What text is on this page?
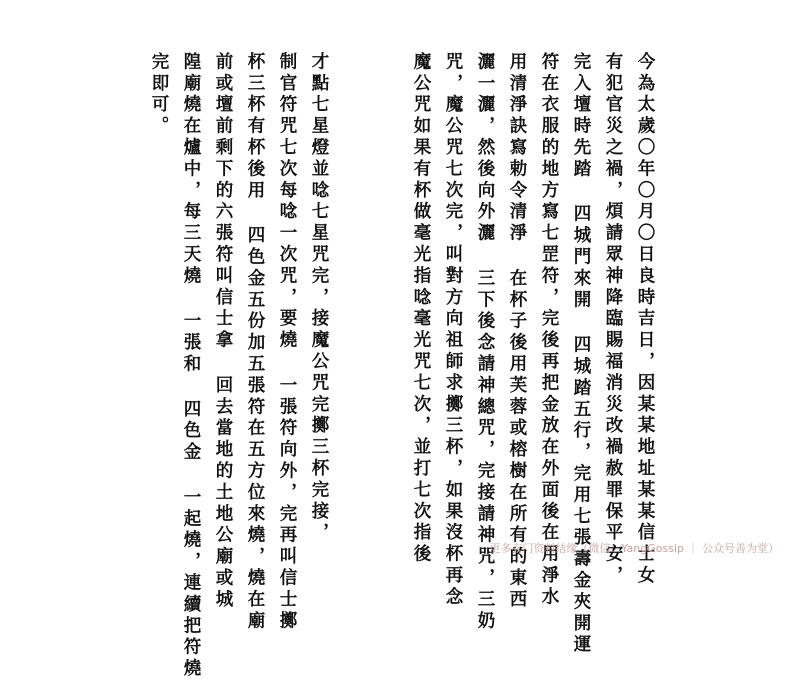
今為太歲〇年〇月〇日良時吉日，因某某地址某某信士女
有犯官災之禍，煩請眾神降臨賜福消災改禍赦罪保平安，
完入壇時先踏 四城門來開 四城踏五行，完用七張壽金夾開運
符在衣服的地方寫七罡符，完後再把金放在外面後在用淨水
用清淨訣寫勅令清淨 在杯子後用芙蓉或榕樹在所有的東西
灑一灑，然後向外灑 三下後念請神總咒，完接請神咒，三奶
咒，魔公咒七次完，叫對方向祖師求擲三杯，如果沒杯再念
魔公咒如果有杯做毫光指唸毫光咒七次，並打七次指後
才點七星燈並唸七星咒完，接魔公咒完擲三杯完接，
制官符咒七次每唸一次咒，要燒 一張符向外，完再叫信士擲
杯三杯有杯後用 四色金五份加五張符在五方位來燒，燒在廟
前或壇前剩下的六張符叫信士拿 回去當地的土地公廟或城
隍廟燒在爐中，每三天燒 一張和 四色金 一起燒，連續把符燒
完即可。
更多玄门资料结缘（微信：YangGossip ｜ 公众号善为堂）
